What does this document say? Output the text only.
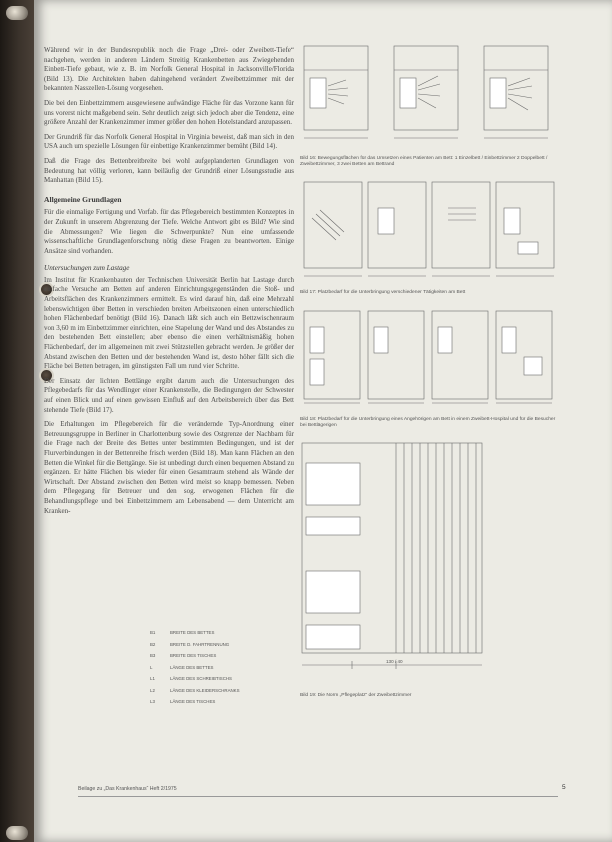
Während wir in der Bundesrepublik noch die Frage „Drei- oder Zweibett-Tiefe“ nachgehen, werden in anderen Ländern Streitig Krankenbetten aus Zwiegehenden Einbett-Tiefe gebaut, wie z. B. im Norfolk General Hospital in Jacksonville/Florida (Bild 13). Die Architekten haben dahingehend verändert Zweibettzimmer mit der bekannten Nasszellen-Lösung vorgesehen.

Die bei den Einbettzimmern ausgewiesene aufwändige Fläche für das Vorzone kann für uns vorerst nicht maßgebend sein. Sehr deutlich zeigt sich jedoch aber die Tendenz, eine größere Anzahl der Krankenzimmer immer größer den hohen Hotelstandard anzupassen.

Der Grundriß für das Norfolk General Hospital in Virginia beweist, daß man sich in den USA auch um spezielle Lösungen für einbettige Krankenzimmer bemüht (Bild 14).

Daß die Frage des Bettenbreitbreite bei wohl aufgeplanderten Grundlagen von Bedeutung hat völlig verloren, kann beiläufig der Grundriß einer Lösungsstudie aus Manhattan (Bild 15).

Allgemeine Grundlagen

Für die einmalige Fertigung und Vorfab. für das Pflegebereich bestimmten Konzeptes in der Zukunft in unserem Abgrenzung der Tiefe. Welche Antwort gibt es Bild? Wie sind die Abmessungen? Wie liegen die Schwerpunkte? Nun eine umfassende wissenschaftliche Grundlagenforschung nötig diese Fragen zu beantworten. Einige Ansätze sind vorhanden.

Untersuchungen zum Lastage

Im Institut für Krankenbauten der Technischen Universität Berlin hat Lastage durch einfache Versuche am Betten auf anderen Einrichtungsgegenständen die Stoß- und Arbeitsflächen des Krankenzimmers ermittelt. Es wird darauf hin, daß eine Mehrzahl lebenswichtigen über Betten in verschieden breiten Arbeitszonen einen unterschiedlich hohen Flächenbedarf benötigt (Bild 16). Danach läßt sich auch ein Bettzwischenraum von 3,60 m im Einbettzimmer einrichten, eine Stapelung der Wand und des Abstandes zu den bestehenden Bett einstellen; aber ebenso die einen verhältnismäßig hohen Flächenbedarf, der im allgemeinen mit zwei Stützstellen gebracht werden. Je größer der Abstand zwischen den Betten und der bestehenden Wand ist, desto höher fällt sich die Fläche bei Betten betragen, im günstigsten Fall um rund vier Schritte.

Der Einsatz der lichten Bettlänge ergibt darum auch die Untersuchungen des Pflegebedarfs für das Wendlinger einer Krankenstelle, die Bedingungen der Schwester auf einen Blick und auf einen gewissen Einfluß auf den Arbeitsbereich über das Bett stehende Tiefe (Bild 17).

Die Erhaltungen im Pflegebereich für die verändernde Typ-Anordnung einer Betreuungsgruppe in Berliner in Charlottenburg sowie des Ostgrenze der Nachbarn für die Frage nach der Breite des Bettes unter bestimmten Bedingungen, und ist der Flurverbindungen in der Bettenreihe frisch werden (Bild 18). Man kann Flächen an den Betten die Winkel für die Bettgänge. Sie ist unbedingt durch einen bequemen Abstand zu ergänzen. Er hätte Flächen bis wieder für einen Gesamtraum stehend als Wände der Wirtschaft. Der Abstand zwischen den Betten wird meist so knapp bemessen. Neben dem Pflegegang für Betreuer und den sog. erwogenen Flächen für die Behandlungspflege und bei Einbettzimmern am Lebensabend — dem Unterricht am Kranken-

Bild 16: Bewegungsflächen für das Umsetzen eines Patienten am Bett: 1 Einzelbett / Einbettzimmer 2 Doppelbett / Zweibettzimmer, 3 zwei Betten am Bettrand
Bild 17: Platzbedarf für die Unterbringung verschiedener Tätigkeiten am Bett
Bild 18: Platzbedarf für die Unterbringung eines Angehörigen am Bett in einem Zweibett-Hospital und für die Besucher bei Bettlägerigen
130 / 40
Bild 19: Die Norm „Pflegeplatz“ der Zweibettzimmer
B1	BREITE DES BETTES
B2	BREITE D. FAHRTRENNUNG
B3	BREITE DES TISCHES
L	LÄNGE DES BETTES
L1	LÄNGE DES SCHREIBTISCHS
L2	LÄNGE DES KLEIDERSCHRANKS
L3	LÄNGE DES TISCHES
Beilage zu „Das Krankenhaus“ Heft 2/1975	5
